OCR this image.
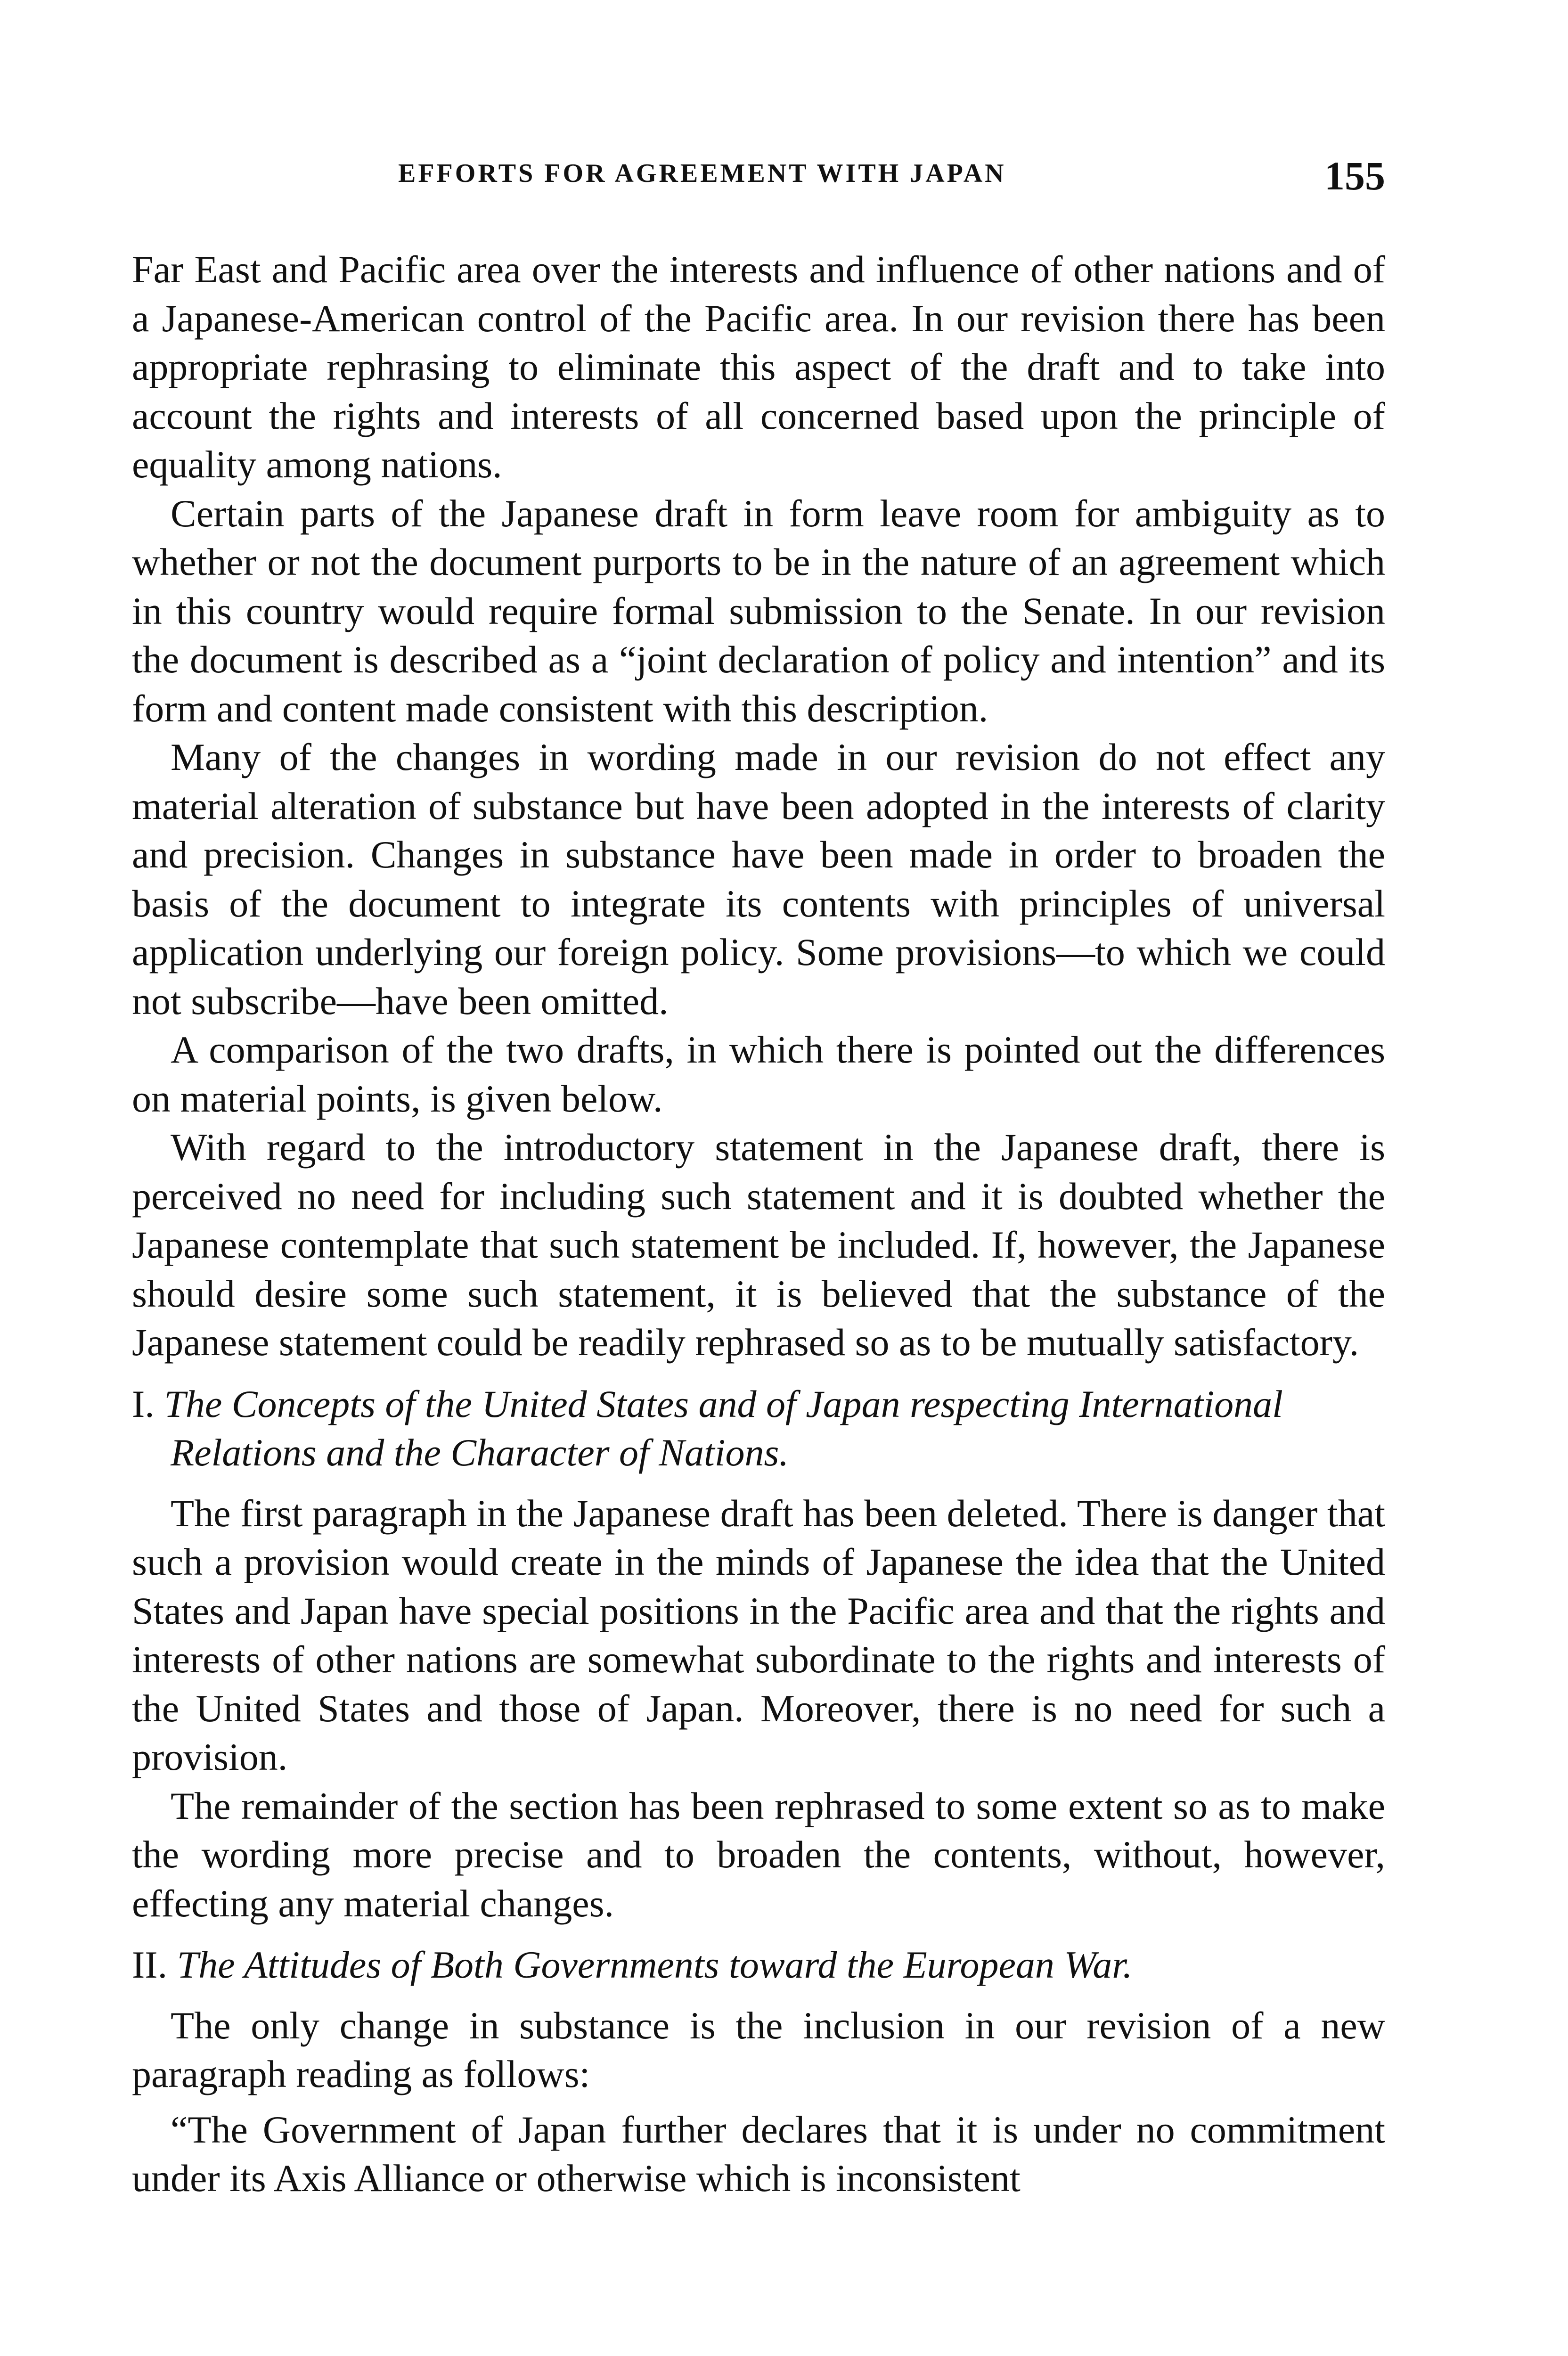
EFFORTS FOR AGREEMENT WITH JAPAN	155

Far East and Pacific area over the interests and influence of other nations and of a Japanese-American control of the Pacific area. In our revision there has been appropriate rephrasing to eliminate this aspect of the draft and to take into account the rights and interests of all concerned based upon the principle of equality among nations.

Certain parts of the Japanese draft in form leave room for ambiguity as to whether or not the document purports to be in the nature of an agreement which in this country would require formal submission to the Senate. In our revision the document is described as a “joint declaration of policy and intention” and its form and content made consistent with this description.

Many of the changes in wording made in our revision do not effect any material alteration of substance but have been adopted in the interests of clarity and precision. Changes in substance have been made in order to broaden the basis of the document to integrate its contents with principles of universal application underlying our foreign policy. Some provisions—to which we could not subscribe—have been omitted.

A comparison of the two drafts, in which there is pointed out the differences on material points, is given below.

With regard to the introductory statement in the Japanese draft, there is perceived no need for including such statement and it is doubted whether the Japanese contemplate that such statement be included. If, however, the Japanese should desire some such statement, it is believed that the substance of the Japanese statement could be readily rephrased so as to be mutually satisfactory.

I. The Concepts of the United States and of Japan respecting International Relations and the Character of Nations.

The first paragraph in the Japanese draft has been deleted. There is danger that such a provision would create in the minds of Japanese the idea that the United States and Japan have special positions in the Pacific area and that the rights and interests of other nations are somewhat subordinate to the rights and interests of the United States and those of Japan. Moreover, there is no need for such a provision.

The remainder of the section has been rephrased to some extent so as to make the wording more precise and to broaden the contents, without, however, effecting any material changes.

II. The Attitudes of Both Governments toward the European War.

The only change in substance is the inclusion in our revision of a new paragraph reading as follows:

“The Government of Japan further declares that it is under no commitment under its Axis Alliance or otherwise which is inconsistent
